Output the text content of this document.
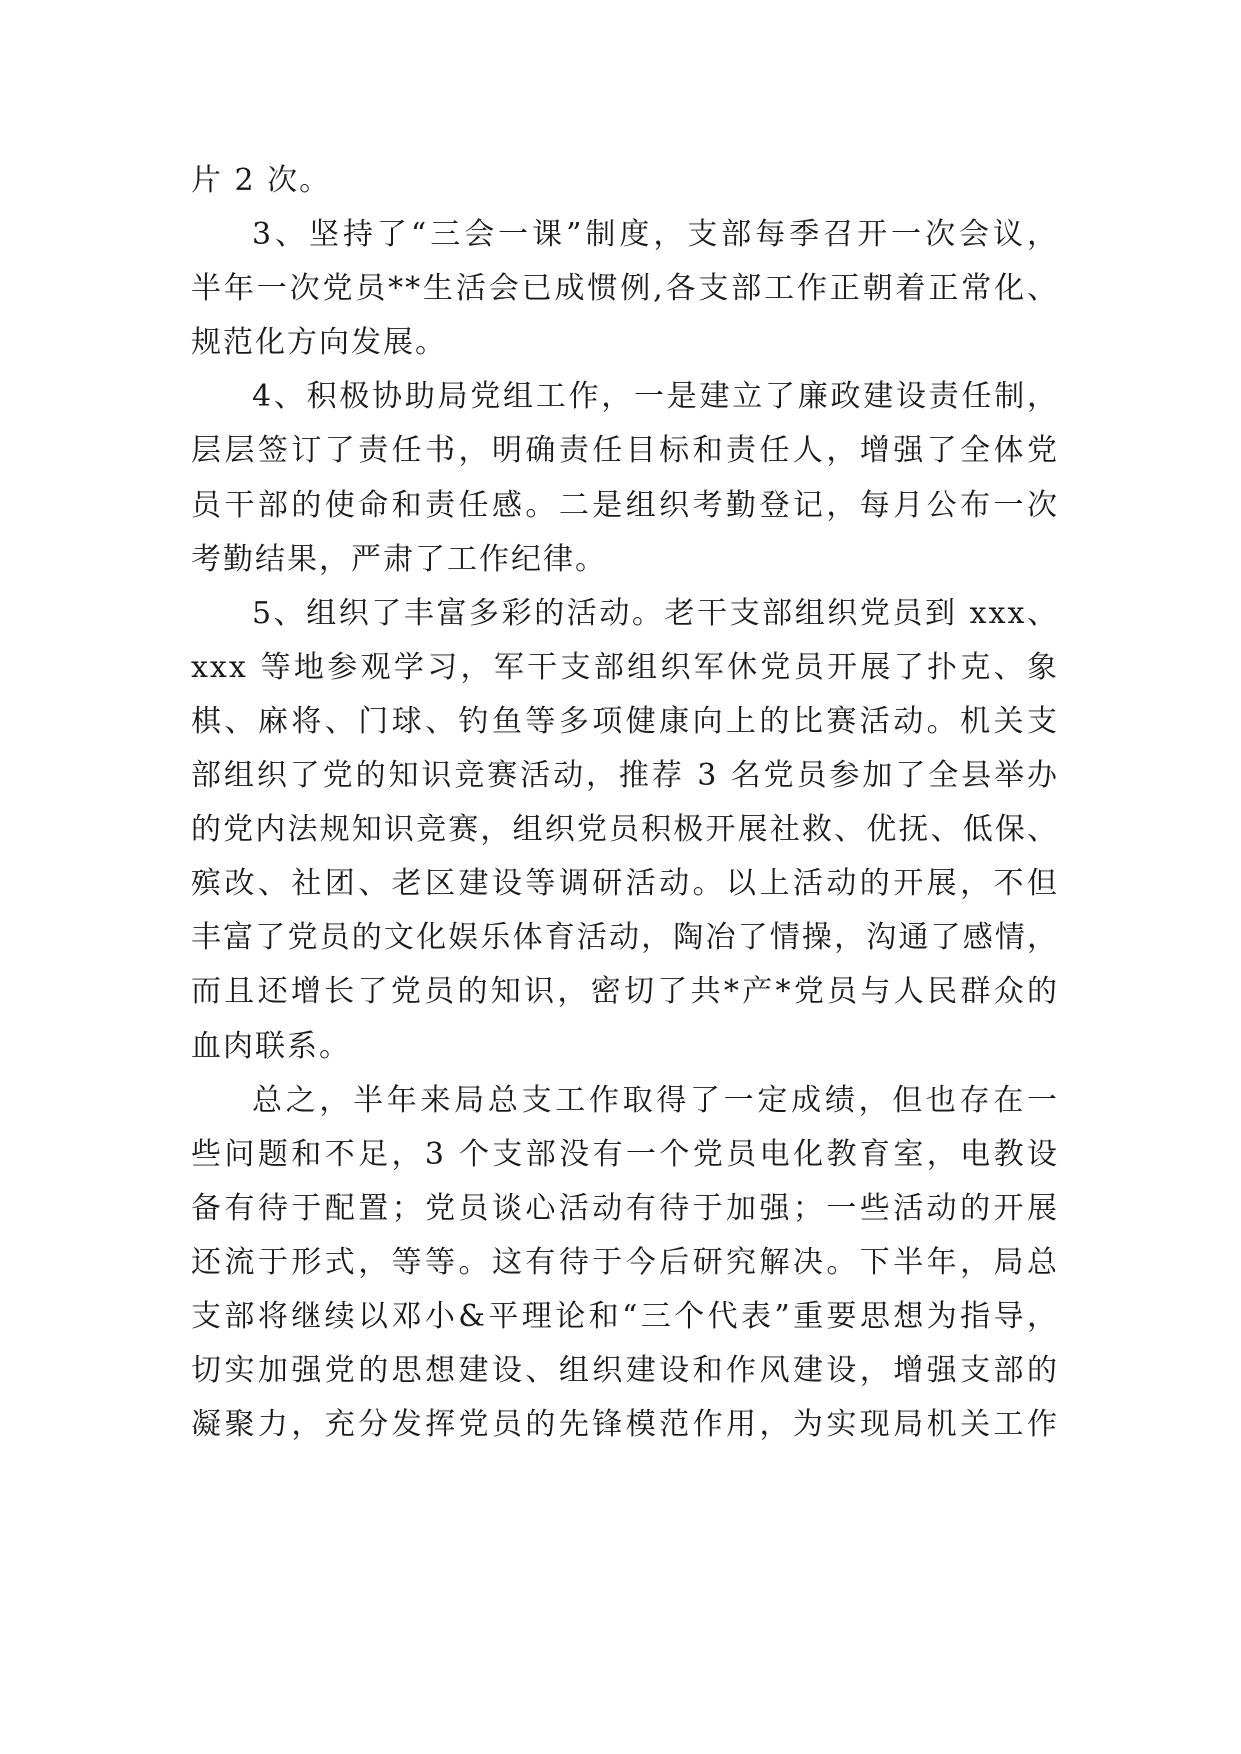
片 2 次。
3、坚持了“三会一课”制度，支部每季召开一次会议，
半年一次党员**生活会已成惯例,各支部工作正朝着正常化、
规范化方向发展。
4、积极协助局党组工作，一是建立了廉政建设责任制，
层层签订了责任书，明确责任目标和责任人，增强了全体党
员干部的使命和责任感。二是组织考勤登记，每月公布一次
考勤结果，严肃了工作纪律。
5、组织了丰富多彩的活动。老干支部组织党员到 xxx、
xxx 等地参观学习，军干支部组织军休党员开展了扑克、象
棋、麻将、门球、钓鱼等多项健康向上的比赛活动。机关支
部组织了党的知识竞赛活动，推荐 3 名党员参加了全县举办
的党内法规知识竞赛，组织党员积极开展社救、优抚、低保、
殡改、社团、老区建设等调研活动。以上活动的开展，不但
丰富了党员的文化娱乐体育活动，陶冶了情操，沟通了感情，
而且还增长了党员的知识，密切了共*产*党员与人民群众的
血肉联系。
总之，半年来局总支工作取得了一定成绩，但也存在一
些问题和不足，3 个支部没有一个党员电化教育室，电教设
备有待于配置；党员谈心活动有待于加强；一些活动的开展
还流于形式，等等。这有待于今后研究解决。下半年，局总
支部将继续以邓小&平理论和“三个代表”重要思想为指导，
切实加强党的思想建设、组织建设和作风建设，增强支部的
凝聚力，充分发挥党员的先锋模范作用，为实现局机关工作
